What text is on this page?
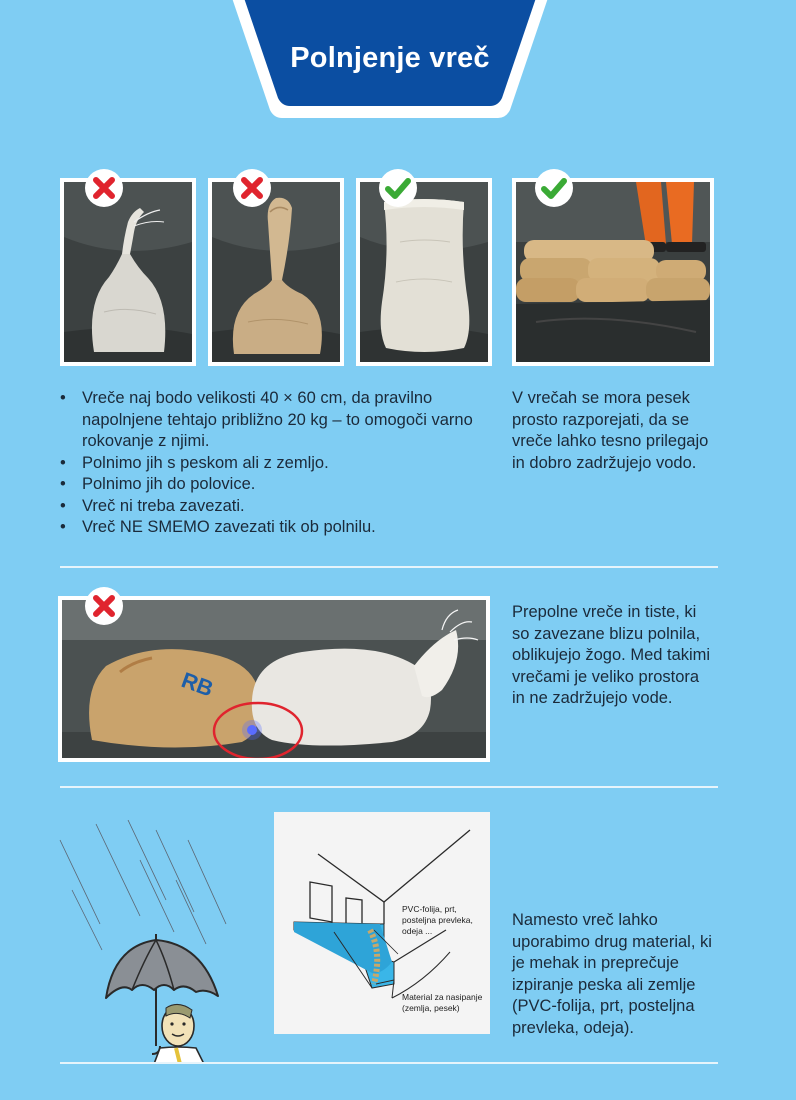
Polnjenje vreč
• Vreče naj bodo velikosti 40 × 60 cm, da pravilno napolnjene tehtajo približno 20 kg – to omogoči varno rokovanje z njimi.
• Polnimo jih s peskom ali z zemljo.
• Polnimo jih do polovice.
• Vreč ni treba zavezati.
• Vreč NE SMEMO zavezati tik ob polnilu.
V vrečah se mora pesek prosto razporejati, da se vreče lahko tesno prilegajo in dobro zadržujejo vodo.
RB
Prepolne vreče in tiste, ki so zavezane blizu polnila, oblikujejo žogo. Med takimi vrečami je veliko prostora in ne zadržujejo vode.
PVC-folija, prt,
posteljna prevleka,
odeja ...
Material za nasipanje
(zemlja, pesek)
Namesto vreč lahko uporabimo drug material, ki je mehak in preprečuje izpiranje peska ali zemlje (PVC-folija, prt, posteljna prevleka, odeja).
